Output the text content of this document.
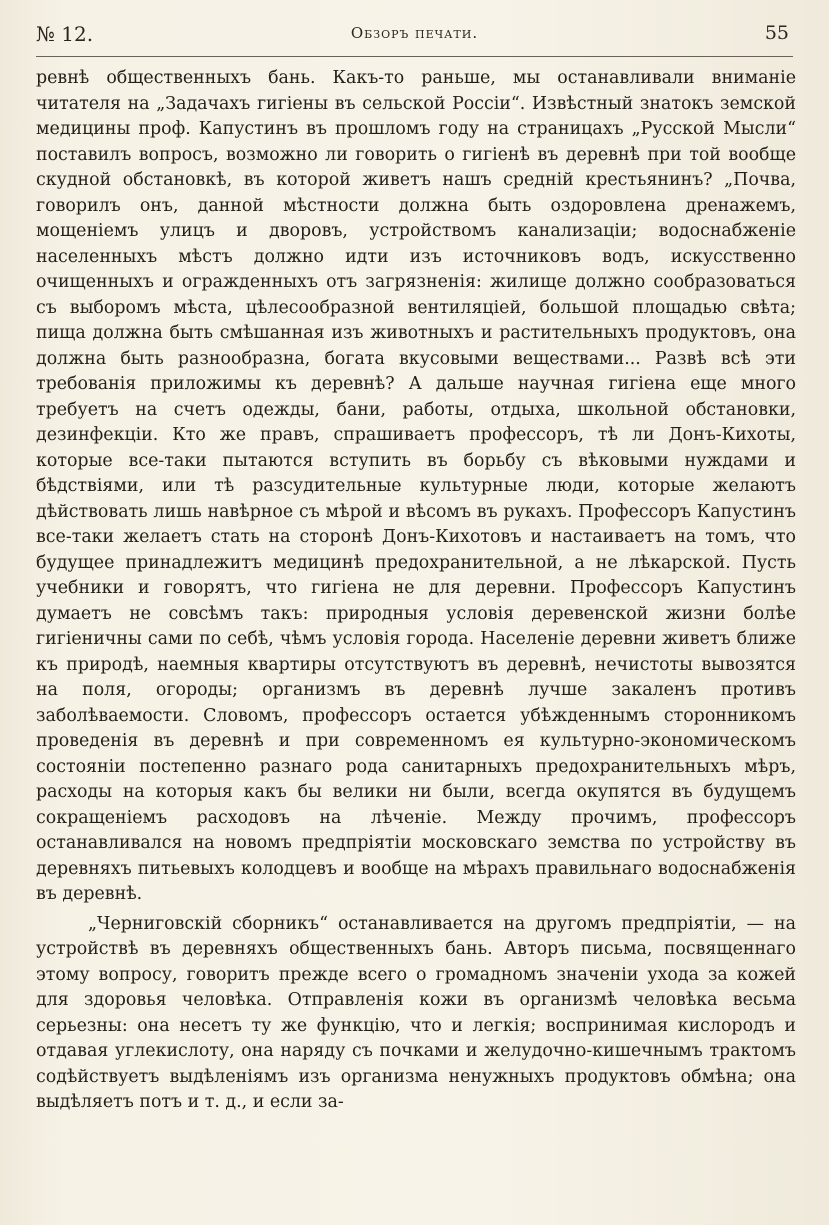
№ 12.	Обзоръ печати.	55

ревнѣ общественныхъ бань. Какъ-то раньше, мы останавливали вниманіе читателя на „Задачахъ гигіены въ сельской Россіи“. Извѣстный знатокъ земской медицины проф. Капустинъ въ прошломъ году на страницахъ „Русской Мысли“ поставилъ вопросъ, возможно ли говорить о гигіенѣ въ деревнѣ при той вообще скудной обстановкѣ, въ которой живетъ нашъ средній крестьянинъ? „Почва, говорилъ онъ, данной мѣстности должна быть оздоровлена дренажемъ, мощеніемъ улицъ и дворовъ, устройствомъ канализаціи; водоснабженіе населенныхъ мѣстъ должно идти изъ источниковъ водъ, искусственно очищенныхъ и огражденныхъ отъ загрязненія: жилище должно сообразоваться съ выборомъ мѣста, цѣлесообразной вентиляціей, большой площадью свѣта; пища должна быть смѣшанная изъ животныхъ и растительныхъ продуктовъ, она должна быть разнообразна, богата вкусовыми веществами... Развѣ всѣ эти требованія приложимы къ деревнѣ? А дальше научная гигіена еще много требуетъ на счетъ одежды, бани, работы, отдыха, школьной обстановки, дезинфекціи. Кто же правъ, спрашиваетъ профессоръ, тѣ ли Донъ-Кихоты, которые все-таки пытаются вступить въ борьбу съ вѣковыми нуждами и бѣдствіями, или тѣ разсудительные культурные люди, которые желаютъ дѣйствовать лишь навѣрное съ мѣрой и вѣсомъ въ рукахъ. Профессоръ Капустинъ все-таки желаетъ стать на сторонѣ Донъ-Кихотовъ и настаиваетъ на томъ, что будущее принадлежитъ медицинѣ предохранительной, а не лѣкарской. Пусть учебники и говорятъ, что гигіена не для деревни. Профессоръ Капустинъ думаетъ не совсѣмъ такъ: природныя условія деревенской жизни болѣе гигіеничны сами по себѣ, чѣмъ условія города. Населеніе деревни живетъ ближе къ природѣ, наемныя квартиры отсутствуютъ въ деревнѣ, нечистоты вывозятся на поля, огороды; организмъ въ деревнѣ лучше закаленъ противъ заболѣваемости. Словомъ, профессоръ остается убѣжденнымъ сторонникомъ проведенія въ деревнѣ и при современномъ ея культурно-экономическомъ состояніи постепенно разнаго рода санитарныхъ предохранительныхъ мѣръ, расходы на которыя какъ бы велики ни были, всегда окупятся въ будущемъ сокращеніемъ расходовъ на лѣченіе. Между прочимъ, профессоръ останавливался на новомъ предпріятіи московскаго земства по устройству въ деревняхъ питьевыхъ колодцевъ и вообще на мѣрахъ правильнаго водоснабженія въ деревнѣ.

„Черниговскій сборникъ“ останавливается на другомъ предпріятіи, — на устройствѣ въ деревняхъ общественныхъ бань. Авторъ письма, посвященнаго этому вопросу, говоритъ прежде всего о громадномъ значеніи ухода за кожей для здоровья человѣка. Отправленія кожи въ организмѣ человѣка весьма серьезны: она несетъ ту же функцію, что и легкія; воспринимая кислородъ и отдавая углекислоту, она наряду съ почками и желудочно-кишечнымъ трактомъ содѣйствуетъ выдѣленіямъ изъ организма ненужныхъ продуктовъ обмѣна; она выдѣляетъ потъ и т. д., и если за-
